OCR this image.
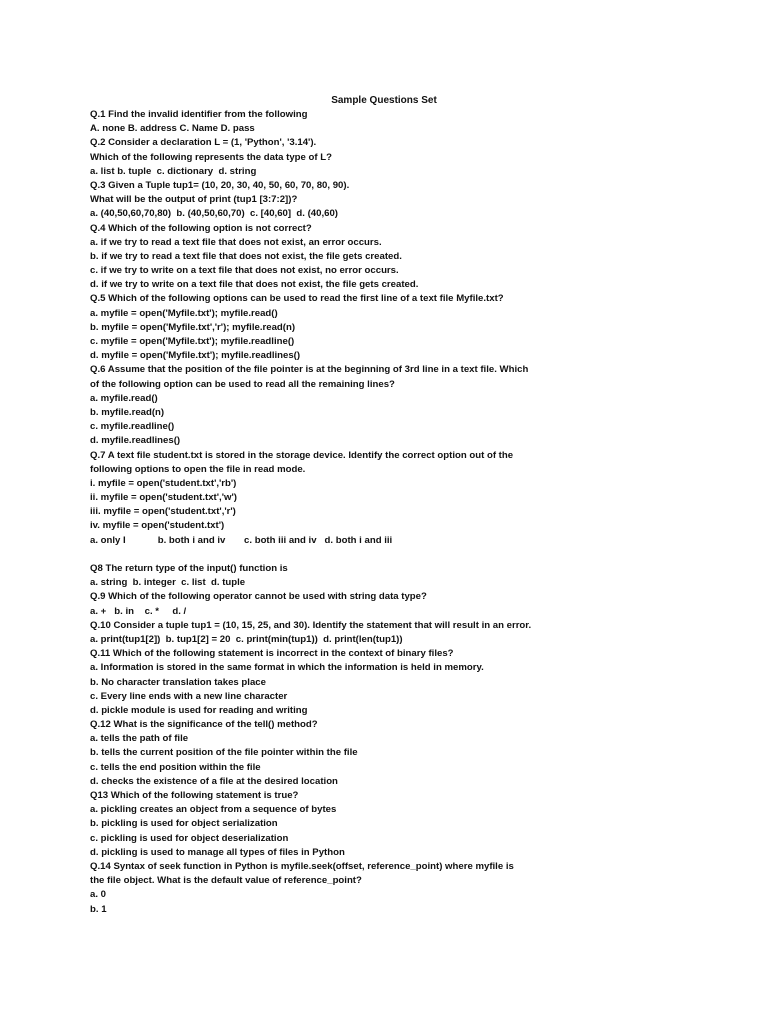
Sample Questions Set
Q.1 Find the invalid identifier from the following
A. none B. address C. Name D. pass
Q.2 Consider a declaration L = (1, 'Python', '3.14').
Which of the following represents the data type of L?
a. list b. tuple  c. dictionary  d. string
Q.3 Given a Tuple tup1= (10, 20, 30, 40, 50, 60, 70, 80, 90).
What will be the output of print (tup1 [3:7:2])?
a. (40,50,60,70,80)  b. (40,50,60,70)  c. [40,60]  d. (40,60)
Q.4 Which of the following option is not correct?
a. if we try to read a text file that does not exist, an error occurs.
b. if we try to read a text file that does not exist, the file gets created.
c. if we try to write on a text file that does not exist, no error occurs.
d. if we try to write on a text file that does not exist, the file gets created.
Q.5 Which of the following options can be used to read the first line of a text file Myfile.txt?
a. myfile = open('Myfile.txt'); myfile.read()
b. myfile = open('Myfile.txt','r'); myfile.read(n)
c. myfile = open('Myfile.txt'); myfile.readline()
d. myfile = open('Myfile.txt'); myfile.readlines()
Q.6 Assume that the position of the file pointer is at the beginning of 3rd line in a text file. Which
of the following option can be used to read all the remaining lines?
a. myfile.read()
b. myfile.read(n)
c. myfile.readline()
d. myfile.readlines()
Q.7 A text file student.txt is stored in the storage device. Identify the correct option out of the
following options to open the file in read mode.
i. myfile = open('student.txt','rb')
ii. myfile = open('student.txt','w')
iii. myfile = open('student.txt','r')
iv. myfile = open('student.txt')
a. only I            b. both i and iv       c. both iii and iv   d. both i and iii
Q8 The return type of the input() function is
a. string  b. integer  c. list  d. tuple
Q.9 Which of the following operator cannot be used with string data type?
a. +   b. in    c. *     d. /
Q.10 Consider a tuple tup1 = (10, 15, 25, and 30). Identify the statement that will result in an error.
a. print(tup1[2])  b. tup1[2] = 20  c. print(min(tup1))  d. print(len(tup1))
Q.11 Which of the following statement is incorrect in the context of binary files?
a. Information is stored in the same format in which the information is held in memory.
b. No character translation takes place
c. Every line ends with a new line character
d. pickle module is used for reading and writing
Q.12 What is the significance of the tell() method?
a. tells the path of file
b. tells the current position of the file pointer within the file
c. tells the end position within the file
d. checks the existence of a file at the desired location
Q13 Which of the following statement is true?
a. pickling creates an object from a sequence of bytes
b. pickling is used for object serialization
c. pickling is used for object deserialization
d. pickling is used to manage all types of files in Python
Q.14 Syntax of seek function in Python is myfile.seek(offset, reference_point) where myfile is
the file object. What is the default value of reference_point?
a. 0
b. 1
